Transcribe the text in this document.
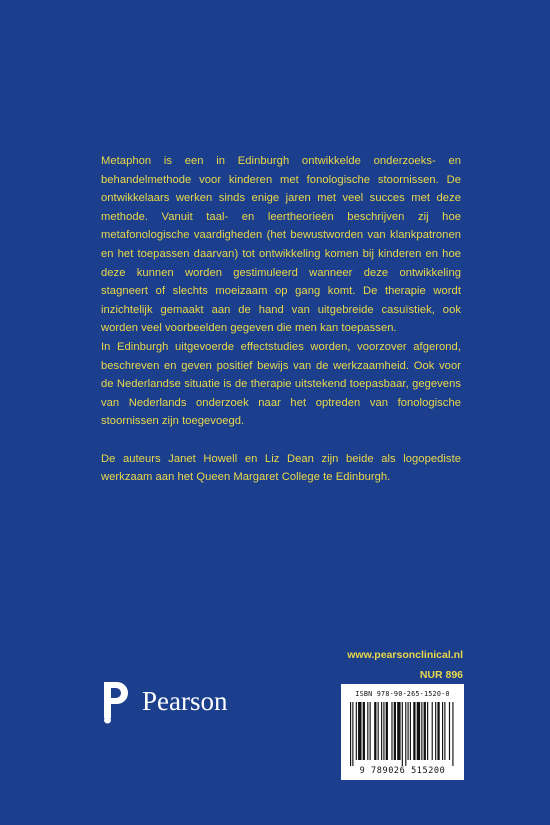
Metaphon is een in Edinburgh ontwikkelde onderzoeks- en behandelmethode voor kinderen met fonologische stoornissen. De ontwikkelaars werken sinds enige jaren met veel succes met deze methode. Vanuit taal- en leertheorieën beschrijven zij hoe metafonologische vaardigheden (het bewustworden van klankpatronen en het toepassen daarvan) tot ontwikkeling komen bij kinderen en hoe deze kunnen worden gestimuleerd wanneer deze ontwikkeling stagneert of slechts moeizaam op gang komt. De therapie wordt inzichtelijk gemaakt aan de hand van uitgebreide casuïstiek, ook worden veel voorbeelden gegeven die men kan toepassen.

In Edinburgh uitgevoerde effectstudies worden, voorzover afgerond, beschreven en geven positief bewijs van de werkzaamheid. Ook voor de Nederlandse situatie is de therapie uitstekend toepasbaar, gegevens van Nederlands onderzoek naar het optreden van fonologische stoornissen zijn toegevoegd.

De auteurs Janet Howell en Liz Dean zijn beide als logopediste werkzaam aan het Queen Margaret College te Edinburgh.

www.pearsonclinical.nl
NUR 896
Pearson	ISBN 978-90-265-1520-0
9 789026 515200
